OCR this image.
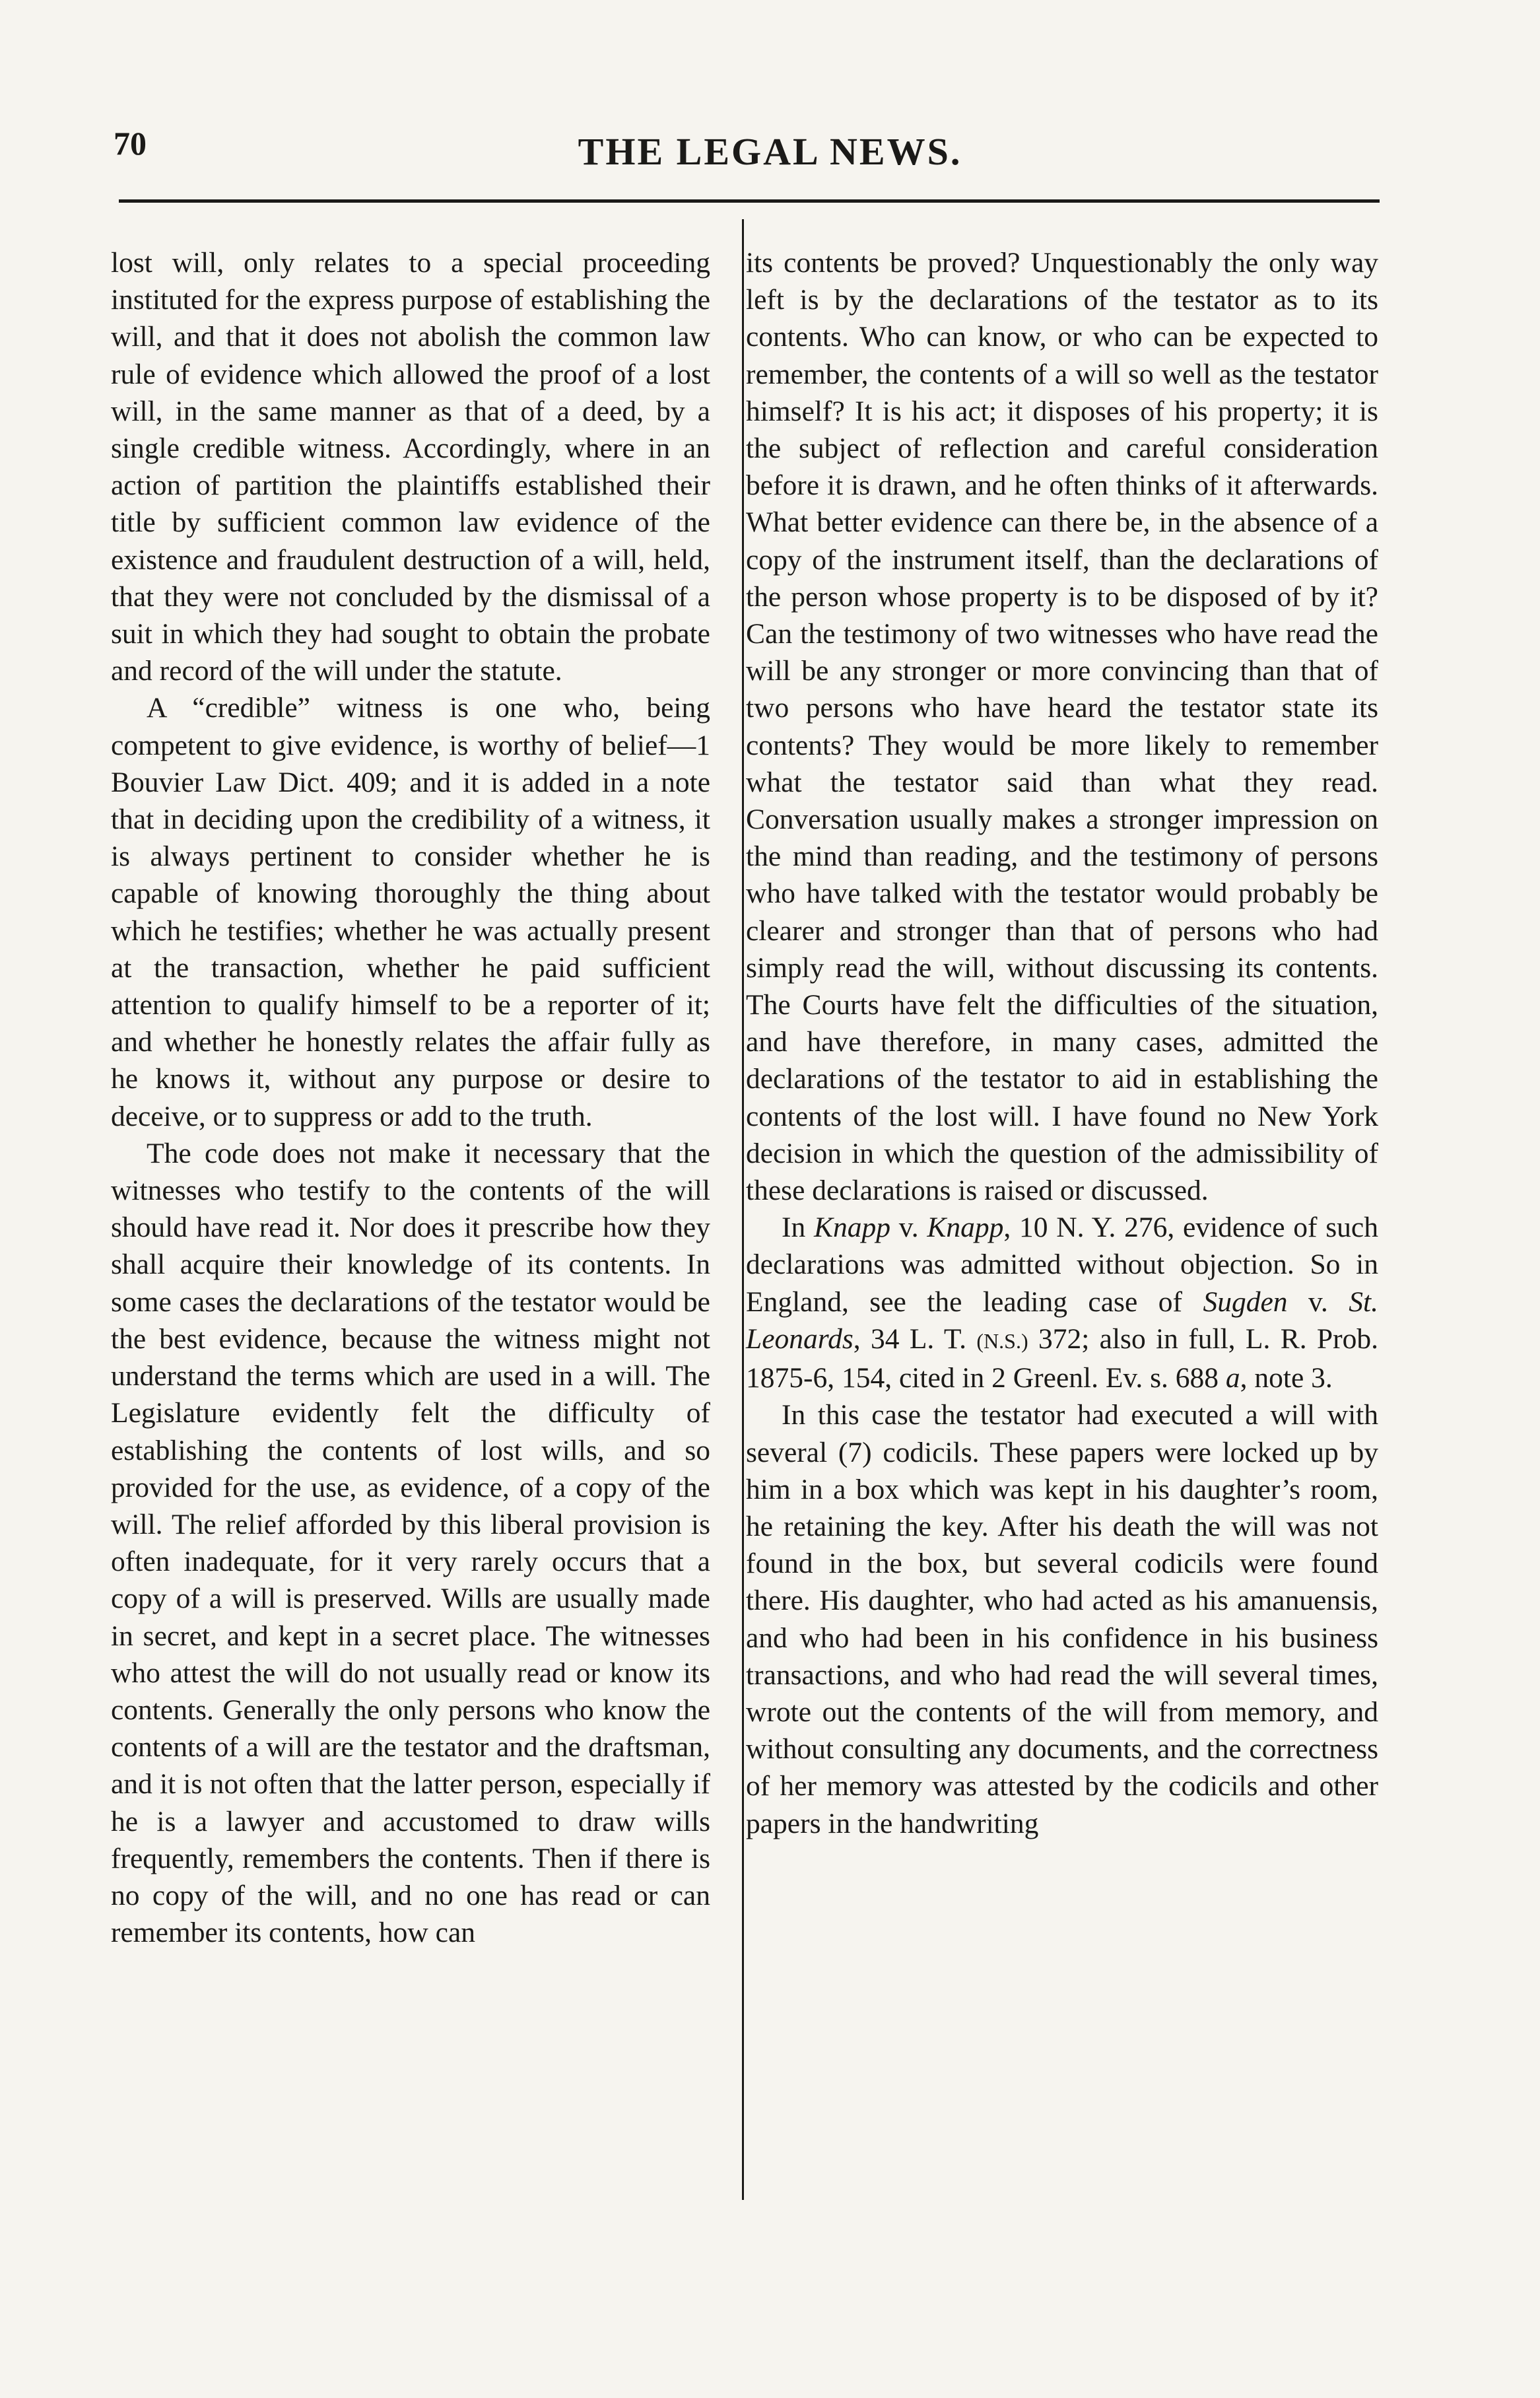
70	THE LEGAL NEWS.

lost will, only relates to a special proceeding instituted for the express purpose of establishing the will, and that it does not abolish the common law rule of evidence which allowed the proof of a lost will, in the same manner as that of a deed, by a single credible witness. Accordingly, where in an action of partition the plaintiffs established their title by sufficient common law evidence of the existence and fraudulent destruction of a will, held, that they were not concluded by the dismissal of a suit in which they had sought to obtain the probate and record of the will under the statute.

A “credible” witness is one who, being competent to give evidence, is worthy of belief—1 Bouvier Law Dict. 409; and it is added in a note that in deciding upon the credibility of a witness, it is always pertinent to consider whether he is capable of knowing thoroughly the thing about which he testifies; whether he was actually present at the transaction, whether he paid sufficient attention to qualify himself to be a reporter of it; and whether he honestly relates the affair fully as he knows it, without any purpose or desire to deceive, or to suppress or add to the truth.

The code does not make it necessary that the witnesses who testify to the contents of the will should have read it. Nor does it prescribe how they shall acquire their knowledge of its contents. In some cases the declarations of the testator would be the best evidence, because the witness might not understand the terms which are used in a will. The Legislature evidently felt the difficulty of establishing the contents of lost wills, and so provided for the use, as evidence, of a copy of the will. The relief afforded by this liberal provision is often inadequate, for it very rarely occurs that a copy of a will is preserved. Wills are usually made in secret, and kept in a secret place. The witnesses who attest the will do not usually read or know its contents. Generally the only persons who know the contents of a will are the testator and the draftsman, and it is not often that the latter person, especially if he is a lawyer and accustomed to draw wills frequently, remembers the contents. Then if there is no copy of the will, and no one has read or can remember its contents, how can

its contents be proved? Unquestionably the only way left is by the declarations of the testator as to its contents. Who can know, or who can be expected to remember, the contents of a will so well as the testator himself? It is his act; it disposes of his property; it is the subject of reflection and careful consideration before it is drawn, and he often thinks of it afterwards. What better evidence can there be, in the absence of a copy of the instrument itself, than the declarations of the person whose property is to be disposed of by it? Can the testimony of two witnesses who have read the will be any stronger or more convincing than that of two persons who have heard the testator state its contents? They would be more likely to remember what the testator said than what they read. Conversation usually makes a stronger impression on the mind than reading, and the testimony of persons who have talked with the testator would probably be clearer and stronger than that of persons who had simply read the will, without discussing its contents. The Courts have felt the difficulties of the situation, and have therefore, in many cases, admitted the declarations of the testator to aid in establishing the contents of the lost will. I have found no New York decision in which the question of the admissibility of these declarations is raised or discussed.

In Knapp v. Knapp, 10 N. Y. 276, evidence of such declarations was admitted without objection. So in England, see the leading case of Sugden v. St. Leonards, 34 L. T. (N.S.) 372; also in full, L. R. Prob. 1875-6, 154, cited in 2 Greenl. Ev. s. 688 a, note 3.

In this case the testator had executed a will with several (7) codicils. These papers were locked up by him in a box which was kept in his daughter’s room, he retaining the key. After his death the will was not found in the box, but several codicils were found there. His daughter, who had acted as his amanuensis, and who had been in his confidence in his business transactions, and who had read the will several times, wrote out the contents of the will from memory, and without consulting any documents, and the correctness of her memory was attested by the codicils and other papers in the handwriting
